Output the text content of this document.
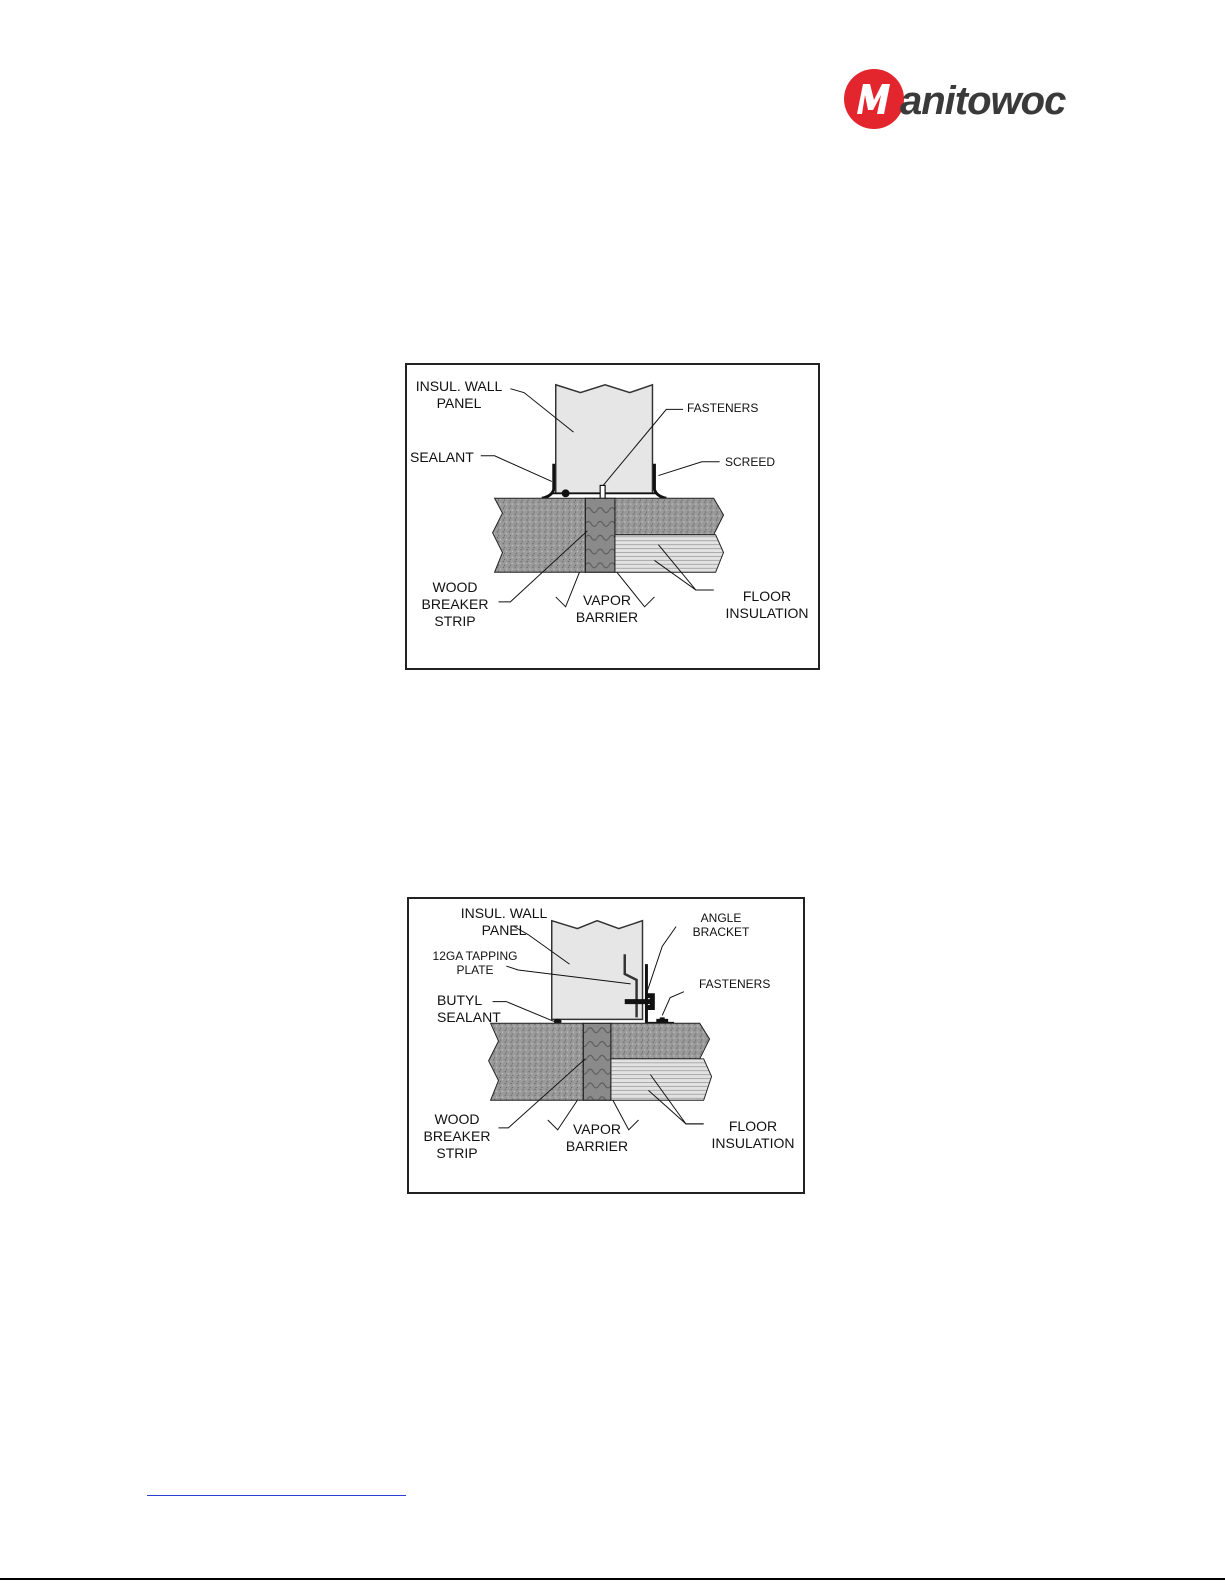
anitowoc
INSUL. WALL
PANEL	FASTENERS
SEALANT	SCREED
WOOD
BREAKER
STRIP
VAPOR
BARRIER
FLOOR
INSULATION
INSUL. WALL
PANEL
ANGLE
BRACKET
12GA TAPPING
PLATE
FASTENERS
BUTYL
SEALANT
WOOD
BREAKER
STRIP
VAPOR
BARRIER
FLOOR
INSULATION
